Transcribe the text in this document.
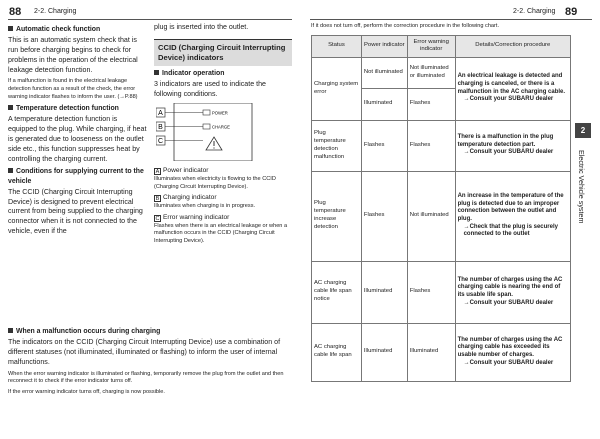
88 2-2. Charging	2-2. Charging 89
Automatic check function
This is an automatic system check that is run before charging begins to check for problems in the operation of the electrical leakage detection function.
If a malfunction is found in the electrical leakage detection function as a result of the check, the error warning indicator flashes to inform the user. (→P.88)
Temperature detection function
A temperature detection function is equipped to the plug. While charging, if heat is generated due to looseness on the outlet side etc., this function suppresses heat by controlling the charging current.
Conditions for supplying current to the vehicle
The CCID (Charging Circuit Interrupting Device) is designed to prevent electrical current from being supplied to the charging connector when it is not connected to the vehicle, even if the
plug is inserted into the outlet.
CCID (Charging Circuit Interrupting Device) indicators
Indicator operation
3 indicators are used to indicate the following conditions.
A
B
C
POWER
CHARGE
A Power indicator
Illuminates when electricity is flowing to the CCID (Charging Circuit Interrupting Device).
B Charging indicator
Illuminates when charging is in progress.
C Error warning indicator
Flashes when there is an electrical leakage or when a malfunction occurs in the CCID (Charging Circuit Interrupting Device).
When a malfunction occurs during charging
The indicators on the CCID (Charging Circuit Interrupting Device) use a combination of different statuses (not illuminated, illuminated or flashing) to inform the user of internal malfunctions.
When the error warning indicator is illuminated or flashing, temporarily remove the plug from the outlet and then reconnect it to check if the error indicator turns off.
If the error warning indicator turns off, charging is now possible.
If it does not turn off, perform the correction procedure in the following chart.
Status	Power indicator	Error warning indicator	Details/Correction procedure
Charging system error	Not illuminated	Not illuminated or illuminated	An electrical leakage is detected and charging is canceled, or there is a malfunction in the AC charging cable.
→Consult your SUBARU dealer

	Illuminated	Flashes	
Plug temperature detection malfunction	Flashes	Flashes	There is a malfunction in the plug temperature detection part.
→Consult your SUBARU dealer

Plug temperature increase detection	Flashes	Not illuminated	An increase in the temperature of the plug is detected due to an improper connection between the outlet and plug.
→Check that the plug is securely connected to the outlet

AC charging cable life span notice	Illuminated	Flashes	The number of charges using the AC charging cable is nearing the end of its usable life span.
→Consult your SUBARU dealer

AC charging cable life span	Illuminated	Illuminated	The number of charges using the AC charging cable has exceeded its usable number of charges.
→Consult your SUBARU dealer
2
Electric Vehicle system
